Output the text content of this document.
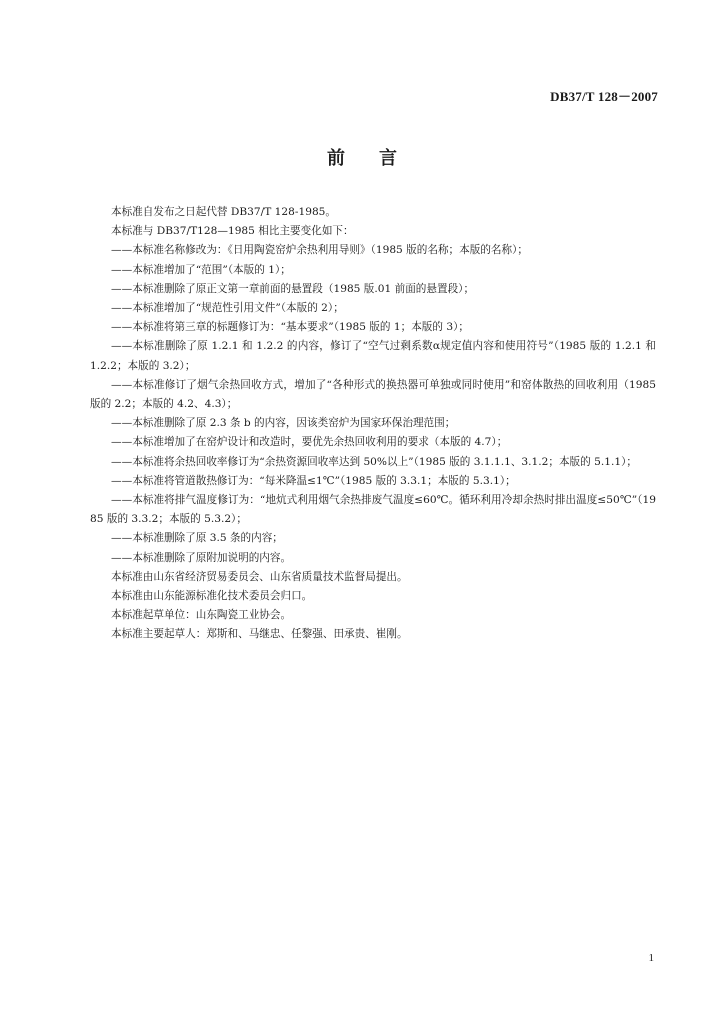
DB37/T 128－2007
前言

本标准自发布之日起代替 DB37/T 128-1985。

本标准与 DB37/T128—1985 相比主要变化如下：

——本标准名称修改为：《日用陶瓷窑炉余热利用导则》（1985 版的名称；本版的名称）；

——本标准增加了“范围”（本版的 1）；

——本标准删除了原正文第一章前面的悬置段（1985 版.01 前面的悬置段）；

——本标准增加了“规范性引用文件”（本版的 2）；

——本标准将第三章的标题修订为：“基本要求”（1985 版的 1；本版的 3）；

——本标准删除了原 1.2.1 和 1.2.2 的内容，修订了“空气过剩系数α规定值内容和使用符号”（1985 版的 1.2.1 和 1.2.2；本版的 3.2）；

——本标准修订了烟气余热回收方式，增加了“各种形式的换热器可单独或同时使用”和窑体散热的回收利用（1985 版的 2.2；本版的 4.2、4.3）；

——本标准删除了原 2.3 条 b 的内容，因该类窑炉为国家环保治理范围；

——本标准增加了在窑炉设计和改造时，要优先余热回收利用的要求（本版的 4.7）；

——本标准将余热回收率修订为“余热资源回收率达到 50%以上”（1985 版的 3.1.1.1、3.1.2；本版的 5.1.1）；

——本标准将管道散热修订为：“每米降温≤1℃”（1985 版的 3.3.1；本版的 5.3.1）；

——本标准将排气温度修订为：“地炕式利用烟气余热排废气温度≤60℃。循环利用冷却余热时排出温度≤50℃”（1985 版的 3.3.2；本版的 5.3.2）；

——本标准删除了原 3.5 条的内容；

——本标准删除了原附加说明的内容。

本标准由山东省经济贸易委员会、山东省质量技术监督局提出。

本标准由山东能源标准化技术委员会归口。

本标准起草单位：山东陶瓷工业协会。

本标准主要起草人：郑斯和、马继忠、任黎强、田承贵、崔刚。

1
